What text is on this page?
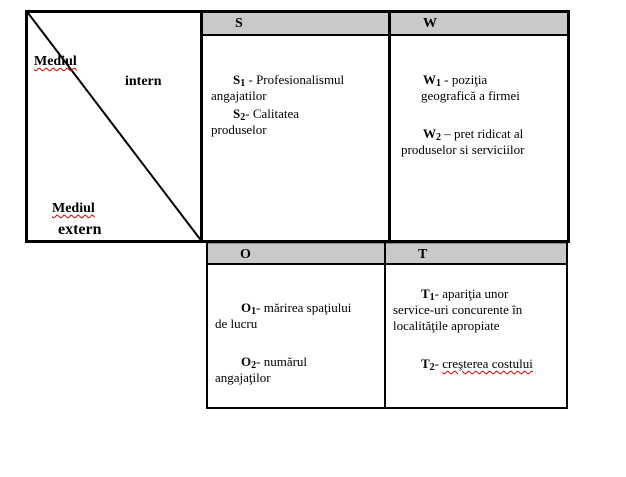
Mediul
intern
Mediul
extern
S
$S_1$ - Profesionalismul
angajatilor
$S_2-$ Calitatea
produselor
W
$W_1$ - poziţia
geografică a firmei
$W_2$ – pret ridicat al
produselor si serviciilor
O
$O_1-$ mărirea spaţiului
de lucru
$O_2-$ numărul
angajaţilor
T
$T_1-$ apariţia unor
service-uri concurente în
localităţile apropiate
$T_2-$ creşterea costului
